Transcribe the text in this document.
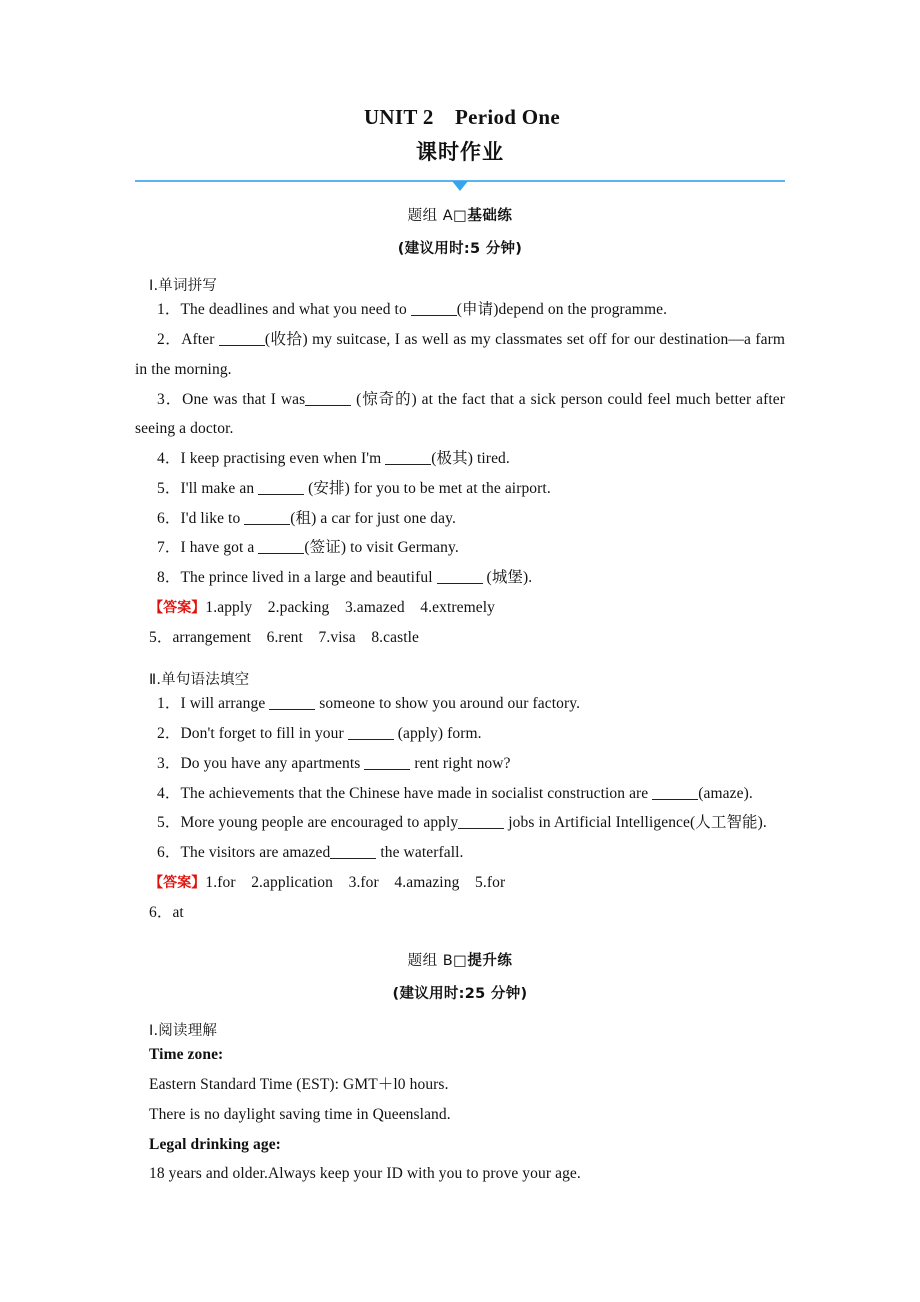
UNIT 2　Period One
课时作业
题组 A□基础练
(建议用时:5 分钟)
Ⅰ.单词拼写

1．The deadlines and what you need to	(申请)depend on the programme.

2．After	(收拾) my suitcase, I as well as my classmates set off for our destination—a farm in the morning.

3．One was that I was	(惊奇的) at the fact that a sick person could feel much better after seeing a doctor.

4．I keep practising even when I'm	(极其) tired.

5．I'll make an	(安排) for you to be met at the airport.

6．I'd like to	(租) a car for just one day.

7．I have got a	(签证) to visit Germany.

8．The prince lived in a large and beautiful	(城堡).

【答案】1.apply　2.packing　3.amazed　4.extremely

5．arrangement　6.rent　7.visa　8.castle

Ⅱ.单句语法填空

1．I will arrange	someone to show you around our factory.

2．Don't forget to fill in your	(apply) form.

3．Do you have any apartments	rent right now?

4．The achievements that the Chinese have made in socialist construction are	(amaze).

5．More young people are encouraged to apply	jobs in Artificial Intelligence(人工智能).

6．The visitors are amazed	the waterfall.

【答案】1.for　2.application　3.for　4.amazing　5.for

6．at

题组 B□提升练
(建议用时:25 分钟)
Ⅰ.阅读理解

Time zone:

Eastern Standard Time (EST): GMT＋l0 hours.

There is no daylight saving time in Queensland.

Legal drinking age:

18 years and older.Always keep your ID with you to prove your age.
